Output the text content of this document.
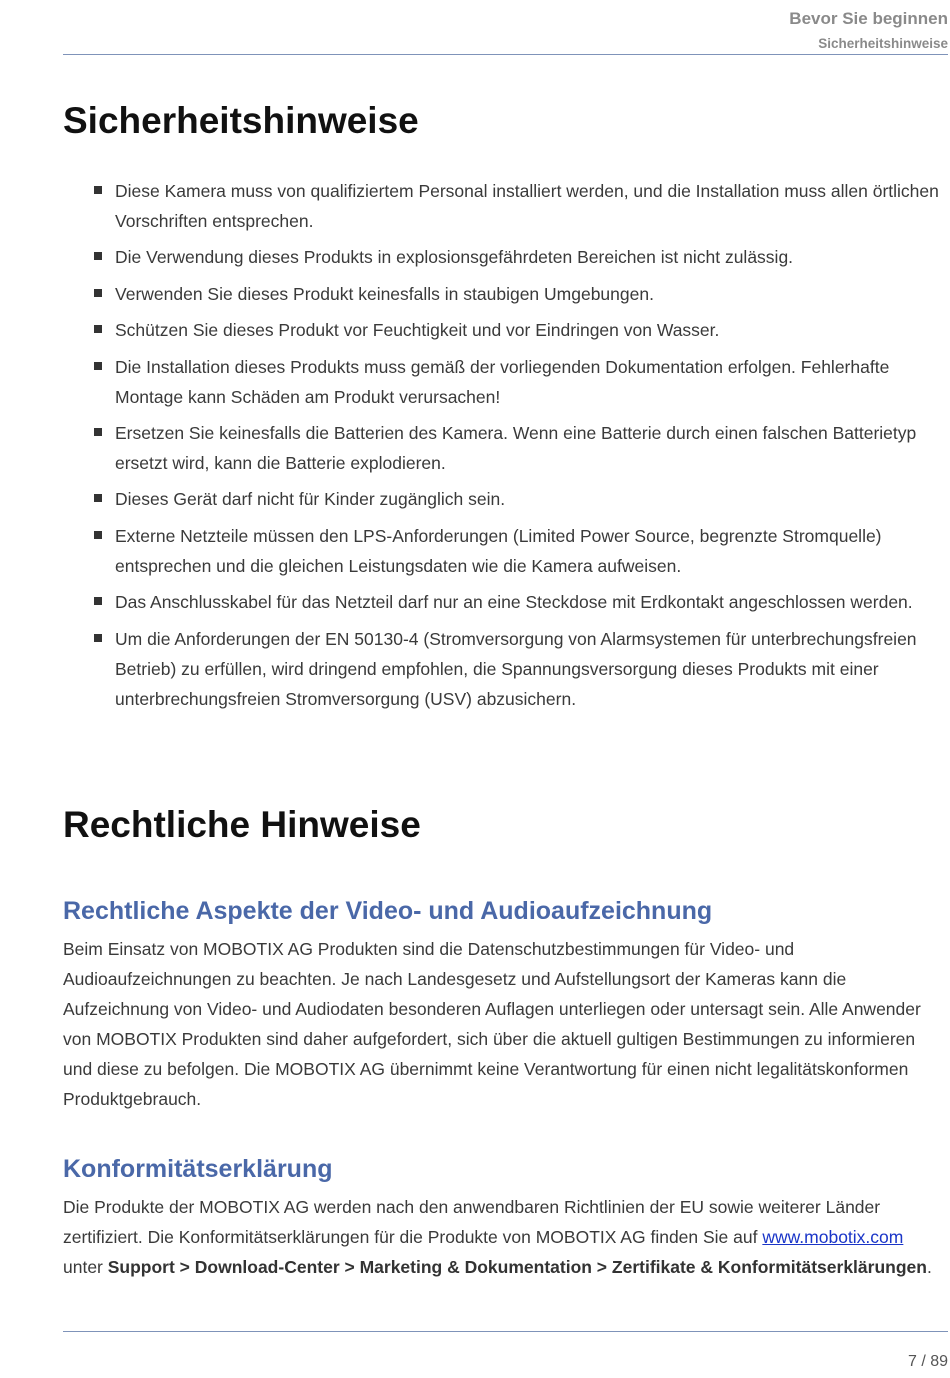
Bevor Sie beginnen
Sicherheitshinweise
Sicherheitshinweise
Diese Kamera muss von qualifiziertem Personal installiert werden, und die Installation muss allen örtlichen Vorschriften entsprechen.
Die Verwendung dieses Produkts in explosionsgefährdeten Bereichen ist nicht zulässig.
Verwenden Sie dieses Produkt keinesfalls in staubigen Umgebungen.
Schützen Sie dieses Produkt vor Feuchtigkeit und vor Eindringen von Wasser.
Die Installation dieses Produkts muss gemäß der vorliegenden Dokumentation erfolgen. Fehlerhafte Montage kann Schäden am Produkt verursachen!
Ersetzen Sie keinesfalls die Batterien des Kamera. Wenn eine Batterie durch einen falschen Batterietyp ersetzt wird, kann die Batterie explodieren.
Dieses Gerät darf nicht für Kinder zugänglich sein.
Externe Netzteile müssen den LPS-Anforderungen (Limited Power Source, begrenzte Stromquelle) entsprechen und die gleichen Leistungsdaten wie die Kamera aufweisen.
Das Anschlusskabel für das Netzteil darf nur an eine Steckdose mit Erdkontakt angeschlossen werden.
Um die Anforderungen der EN 50130-4 (Stromversorgung von Alarmsystemen für unterbrechungsfreien Betrieb) zu erfüllen, wird dringend empfohlen, die Spannungsversorgung dieses Produkts mit einer unterbrechungsfreien Stromversorgung (USV) abzusichern.
Rechtliche Hinweise
Rechtliche Aspekte der Video- und Audioaufzeichnung

Beim Einsatz von MOBOTIX AG Produkten sind die Datenschutzbestimmungen für Video- und Audioaufzeichnungen zu beachten. Je nach Landesgesetz und Aufstellungsort der Kameras kann die Aufzeichnung von Video- und Audiodaten besonderen Auflagen unterliegen oder untersagt sein. Alle Anwender von MOBOTIX Produkten sind daher aufgefordert, sich über die aktuell gultigen Bestimmungen zu informieren und diese zu befolgen. Die MOBOTIX AG übernimmt keine Verantwortung für einen nicht legalitätskonformen Produktgebrauch.

Konformitätserklärung

Die Produkte der MOBOTIX AG werden nach den anwendbaren Richtlinien der EU sowie weiterer Länder zertifiziert. Die Konformitätserklärungen für die Produkte von MOBOTIX AG finden Sie auf www.mobotix.com unter Support > Download-Center > Marketing & Dokumentation > Zertifikate & Konformitätserklärungen.

7 / 89
